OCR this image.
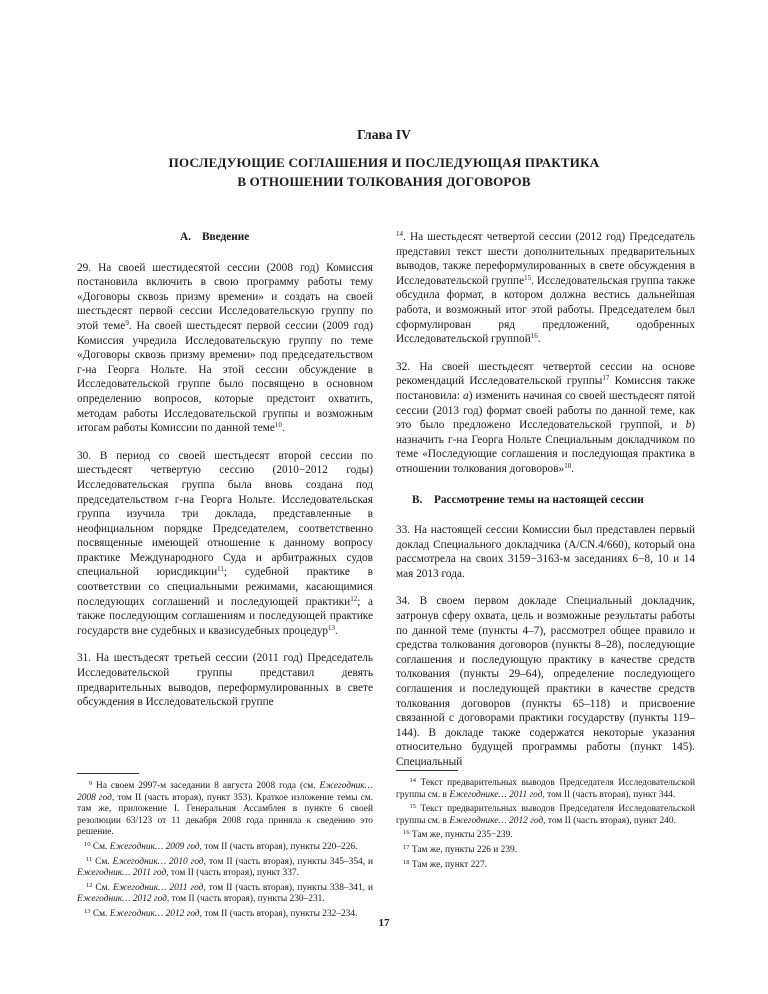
Глава IV
ПОСЛЕДУЮЩИЕ СОГЛАШЕНИЯ И ПОСЛЕДУЮЩАЯ ПРАКТИКА
В ОТНОШЕНИИ ТОЛКОВАНИЯ ДОГОВОРОВ
A. Введение

29. На своей шестидесятой сессии (2008 год) Комиссия постановила включить в свою программу работы тему «Договоры сквозь призму времени» и создать на своей шестьдесят первой сессии Исследовательскую группу по этой теме$^9$. На своей шестьдесят первой сессии (2009 год) Комиссия учредила Исследовательскую группу по теме «Договоры сквозь призму времени» под председательством г-на Георга Нольте. На этой сессии обсуждение в Исследовательской группе было посвящено в основном определению вопросов, которые предстоит охватить, методам работы Исследовательской группы и возможным итогам работы Комиссии по данной теме$^{10}$.

30. В период со своей шестьдесят второй сессии по шестьдесят четвертую сессию (2010−2012 годы) Исследовательская группа была вновь создана под председательством г-на Георга Нольте. Исследовательская группа изучила три доклада, представленные в неофициальном порядке Председателем, соответственно посвященные имеющей отношение к данному вопросу практике Международного Суда и арбитражных судов специальной юрисдикции$^{11}$; судебной практике в соответствии со специальными режимами, касающимися последующих соглашений и последующей практики$^{12}$; а также последующим соглашениям и последующей практике государств вне судебных и квазисудебных процедур$^{13}$.

31. На шестьдесят третьей сессии (2011 год) Председатель Исследовательской группы представил девять предварительных выводов, переформулированных в свете обсуждения в Исследовательской группе

$^9$ На своем 2997-м заседании 8 августа 2008 года (см. Ежегодник… 2008 год, том II (часть вторая), пункт 353). Краткое изложение темы см. там же, приложение I. Генеральная Ассамблея в пункте 6 своей резолюции 63/123 от 11 декабря 2008 года приняла к сведению это решение.

$^{10}$ См. Ежегодник… 2009 год, том II (часть вторая), пункты 220–226.

$^{11}$ См. Ежегодник… 2010 год, том II (часть вторая), пункты 345–354, и Ежегодник… 2011 год, том II (часть вторая), пункт 337.

$^{12}$ См. Ежегодник… 2011 год, том II (часть вторая), пункты 338–341, и Ежегодник… 2012 год, том II (часть вторая), пункты 230–231.

$^{13}$ См. Ежегодник… 2012 год, том II (часть вторая), пункты 232–234.

$^{14}$. На шестьдесят четвертой сессии (2012 год) Председатель представил текст шести дополнительных предварительных выводов, также переформулированных в свете обсуждения в Исследовательской группе$^{15}$. Исследовательская группа также обсудила формат, в котором должна вестись дальнейшая работа, и возможный итог этой работы. Председателем был сформулирован ряд предложений, одобренных Исследовательской группой$^{16}$.

32. На своей шестьдесят четвертой сессии на основе рекомендаций Исследовательской группы$^{17}$ Комиссия также постановила: a) изменить начиная со своей шестьдесят пятой сессии (2013 год) формат своей работы по данной теме, как это было предложено Исследовательской группой, и b) назначить г-на Георга Нольте Специальным докладчиком по теме «Последующие соглашения и последующая практика в отношении толкования договоров»$^{18}$.

B. Рассмотрение темы на настоящей сессии

33. На настоящей сессии Комиссии был представлен первый доклад Специального докладчика (A/CN.4/660), который она рассмотрела на своих 3159−3163-м заседаниях 6−8, 10 и 14 мая 2013 года.

34. В своем первом докладе Специальный докладчик, затронув сферу охвата, цель и возможные результаты работы по данной теме (пункты 4–7), рассмотрел общее правило и средства толкования договоров (пункты 8–28), последующие соглашения и последующую практику в качестве средств толкования (пункты 29–64), определение последующего соглашения и последующей практики в качестве средств толкования договоров (пункты 65–118) и присвоение связанной с договорами практики государству (пункты 119–144). В докладе также содержатся некоторые указания относительно будущей программы работы (пункт 145). Специальный

$^{14}$ Текст предварительных выводов Председателя Исследовательской группы см. в Ежегоднике… 2011 год, том II (часть вторая), пункт 344.

$^{15}$ Текст предварительных выводов Председателя Исследовательской группы см. в Ежегоднике… 2012 год, том II (часть вторая), пункт 240.

$^{16}$ Там же, пункты 235−239.

$^{17}$ Там же, пункты 226 и 239.

$^{18}$ Там же, пункт 227.

17
